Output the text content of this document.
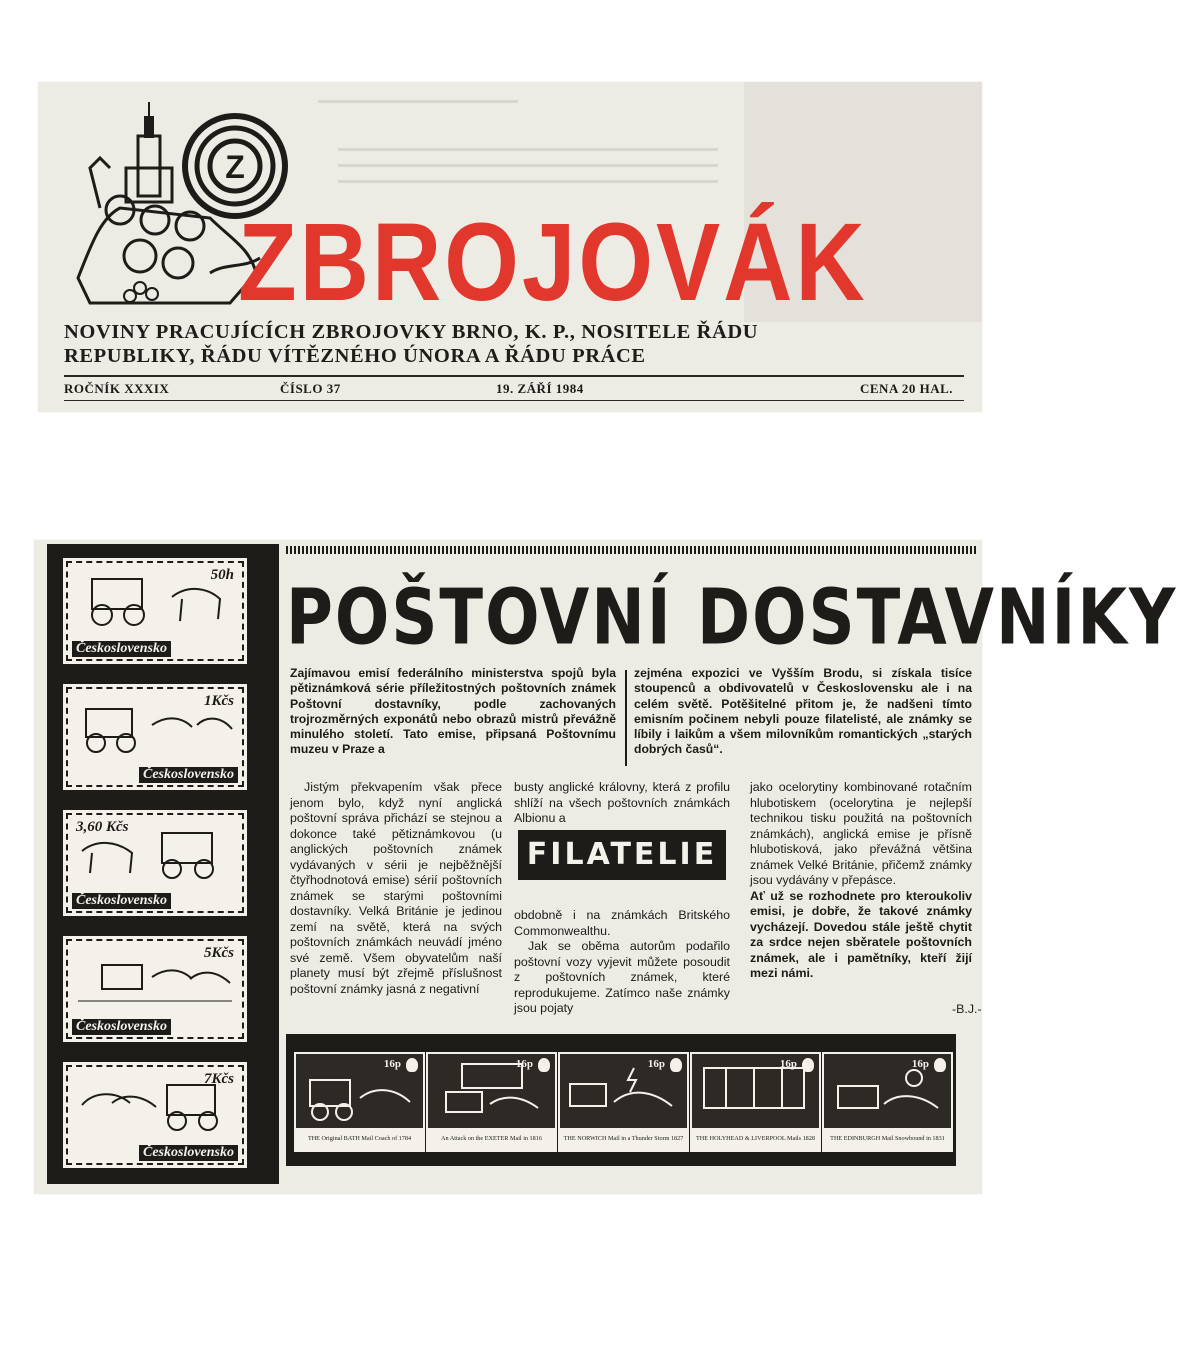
Z
ZBROJOVÁK
NOVINY PRACUJÍCÍCH ZBROJOVKY BRNO, K. P., NOSITELE ŘÁDU
REPUBLIKY, ŘÁDU VÍTĚZNÉHO ÚNORA A ŘÁDU PRÁCE
ROČNÍK XXXIX	ČÍSLO 37	19. ZÁŘÍ 1984	CENA 20 HAL.
50h
Československo
1Kčs
Československo
3,60 Kčs
Československo
5Kčs
Československo
7Kčs
Československo
POŠTOVNÍ DOSTAVNÍKY
Zajímavou emisí federálního ministerstva spojů byla pětiznámková série příležitostných poštovních známek Poštovní dostavníky, podle zachovaných trojrozměrných exponátů nebo obrazů mistrů převážně minulého století. Tato emise, připsaná Poštovnímu muzeu v Praze a
zejména expozici ve Vyšším Brodu, si získala tisíce stoupenců a obdivovatelů v Československu ale i na celém světě. Potěšitelné přitom je, že nadšeni tímto emisním počinem nebyli pouze filatelisté, ale známky se líbily i laikům a všem milovníkům romantických „starých dobrých časů“.

Jistým překvapením však přece jenom bylo, když nyní anglická poštovní správa přichází se stejnou a dokonce také pětiznámkovou (u anglických poštovních známek vydávaných v sérii je nejběžnější čtyřhodnotová emise) sérií poštovních známek se starými poštovními dostavníky. Velká Británie je jedinou zemí na světě, která na svých poštovních známkách neuvádí jméno své země. Všem obyvatelům naší planety musí být zřejmě příslušnost poštovní známky jasná z negativní

busty anglické královny, která z profilu shlíží na všech poštovních známkách Albionu a

FILATELIE

obdobně i na známkách Britského Commonwealthu.

Jak se oběma autorům podařilo poštovní vozy vyjevit můžete posoudit z poštovních známek, které reprodukujeme. Zatímco naše známky jsou pojaty

jako ocelorytiny kombinované rotačním hlubotiskem (ocelorytina je nejlepší technikou tisku použitá na poštovních známkách), anglická emise je přísně hlubotisková, jako převážná většina známek Velké Británie, přičemž známky jsou vydávány v přepásce.

Ať už se rozhodnete pro kteroukoliv emisi, je dobře, že takové známky vycházejí. Dovedou stále ještě chytit za srdce nejen sběratele poštovních známek, ale i pamětníky, kteří žijí mezi námi.

-B.J.-
16p
THE Original BATH Mail Coach of 1784
16p
An Attack on the EXETER Mail in 1816
16p
THE NORWICH Mail in a Thunder Storm 1827
16p
THE HOLYHEAD & LIVERPOOL Mails 1828
16p
THE EDINBURGH Mail Snowbound in 1831
